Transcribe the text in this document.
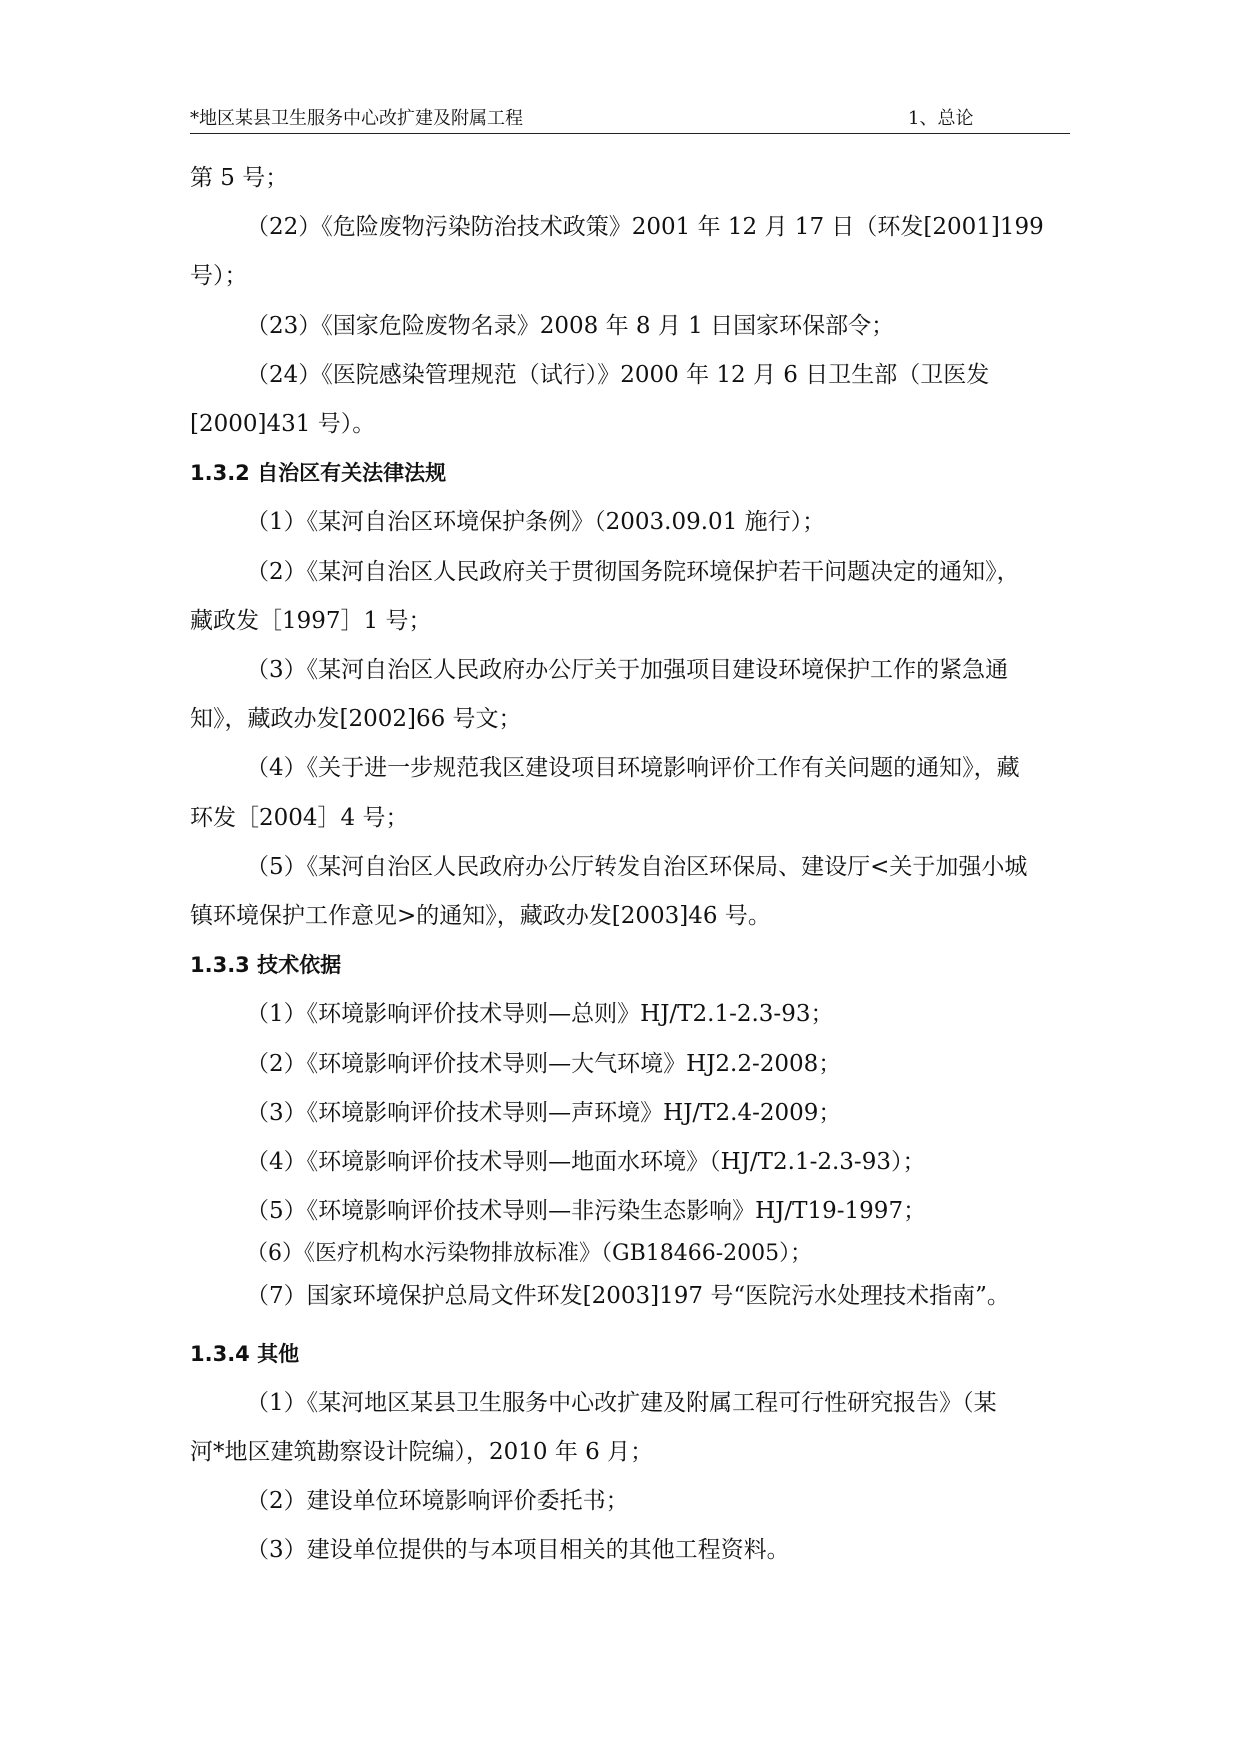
*地区某县卫生服务中心改扩建及附属工程	1、总论

第 5 号；

（22）《危险废物污染防治技术政策》2001 年 12 月 17 日（环发[2001]199

号）；

（23）《国家危险废物名录》2008 年 8 月 1 日国家环保部令；

（24）《医院感染管理规范（试行）》2000 年 12 月 6 日卫生部（卫医发

[2000]431 号）。

1.3.2 自治区有关法律法规

（1）《某河自治区环境保护条例》（2003.09.01 施行）；

（2）《某河自治区人民政府关于贯彻国务院环境保护若干问题决定的通知》，

藏政发［1997］1 号；

（3）《某河自治区人民政府办公厅关于加强项目建设环境保护工作的紧急通

知》，藏政办发[2002]66 号文；

（4）《关于进一步规范我区建设项目环境影响评价工作有关问题的通知》，藏

环发［2004］4 号；

（5）《某河自治区人民政府办公厅转发自治区环保局、建设厅<关于加强小城

镇环境保护工作意见>的通知》，藏政办发[2003]46 号。

1.3.3 技术依据

（1）《环境影响评价技术导则—总则》HJ/T2.1-2.3-93；

（2）《环境影响评价技术导则—大气环境》HJ2.2-2008；

（3）《环境影响评价技术导则—声环境》HJ/T2.4-2009；

（4）《环境影响评价技术导则—地面水环境》（HJ/T2.1-2.3-93）；

（5）《环境影响评价技术导则—非污染生态影响》HJ/T19-1997；

（6）《医疗机构水污染物排放标准》（GB18466-2005）；

（7）国家环境保护总局文件环发[2003]197 号“医院污水处理技术指南”。

1.3.4 其他

（1）《某河地区某县卫生服务中心改扩建及附属工程可行性研究报告》（某

河*地区建筑勘察设计院编），2010 年 6 月；

（2）建设单位环境影响评价委托书；

（3）建设单位提供的与本项目相关的其他工程资料。
